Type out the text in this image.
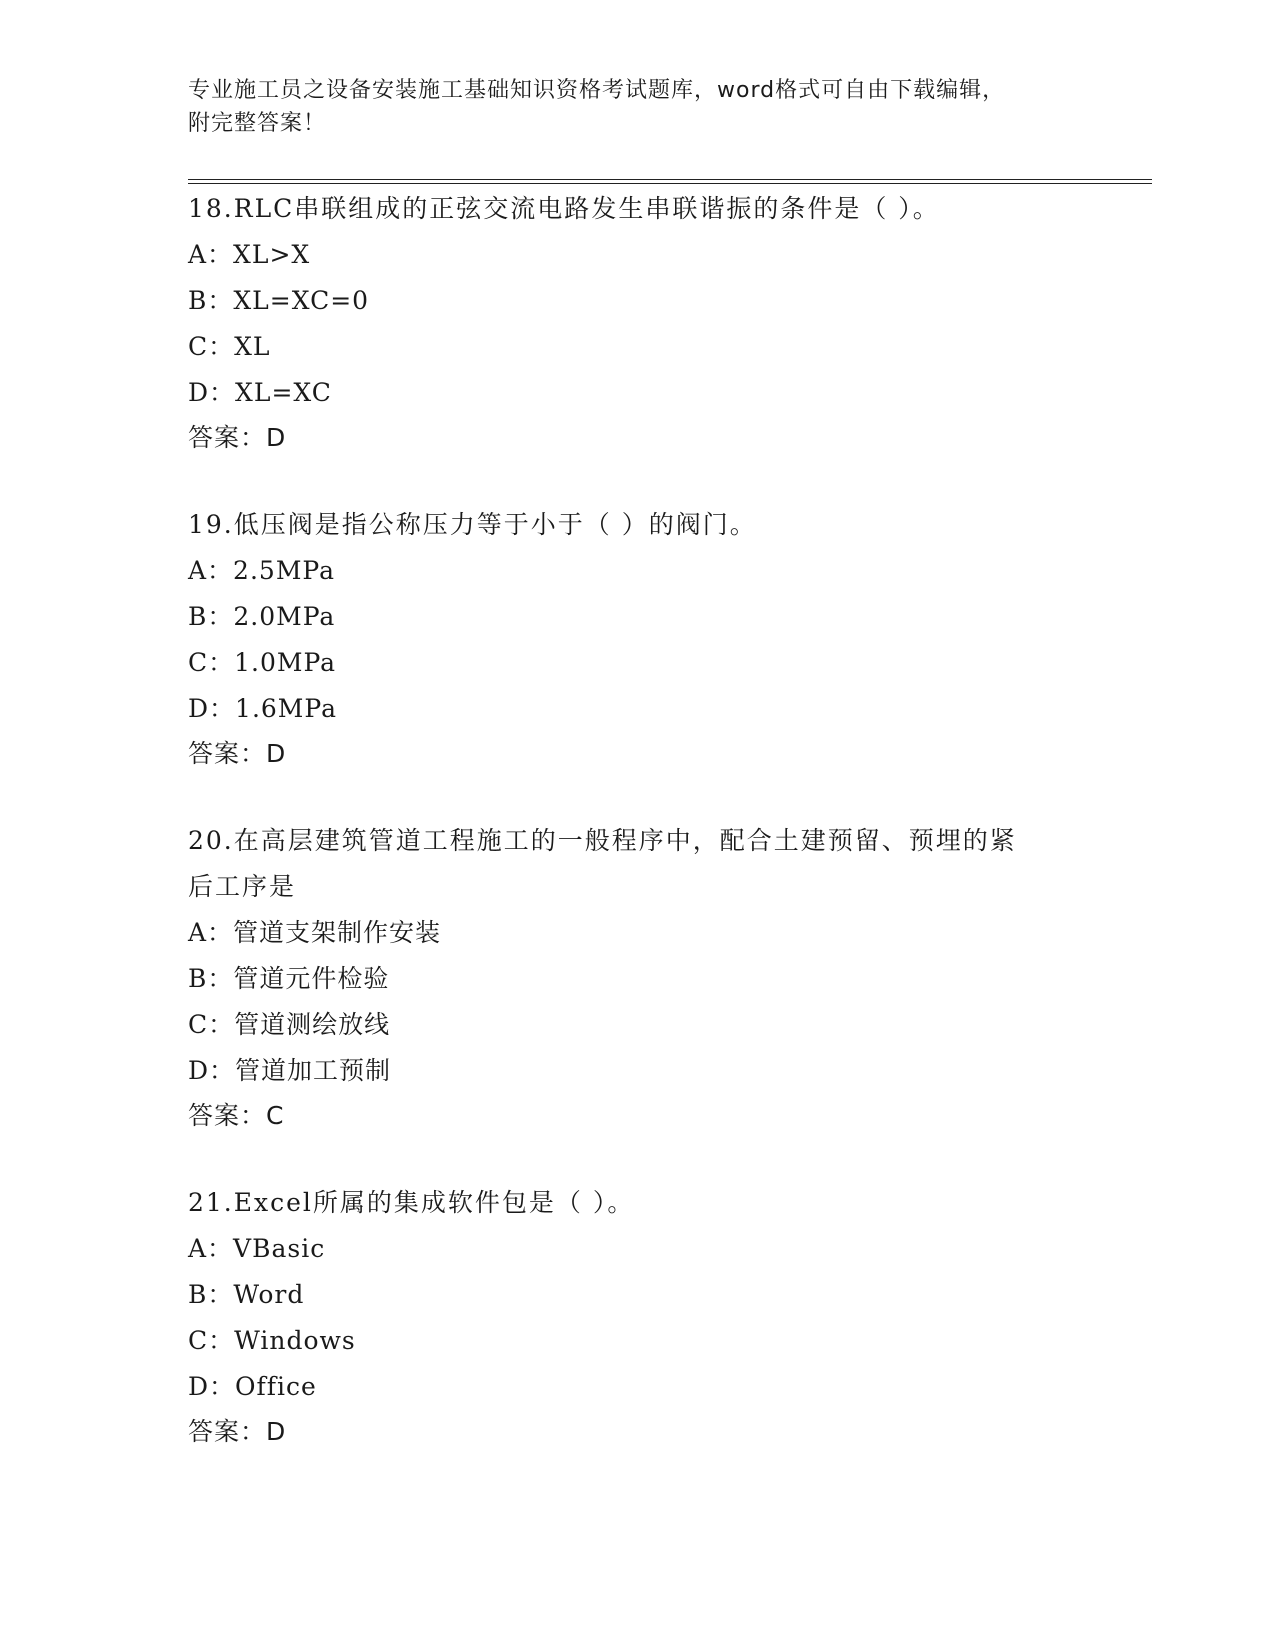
专业施工员之设备安装施工基础知识资格考试题库，word格式可自由下载编辑，
附完整答案！

18.RLC串联组成的正弦交流电路发生串联谐振的条件是（ ）。

A：XL>X

B：XL=XC=0

C：XL

D：XL=XC

答案：D

19.低压阀是指公称压力等于小于（ ）的阀门。

A：2.5MPa

B：2.0MPa

C：1.0MPa

D：1.6MPa

答案：D

20.在高层建筑管道工程施工的一般程序中，配合土建预留、预埋的紧

后工序是

A：管道支架制作安装

B：管道元件检验

C：管道测绘放线

D：管道加工预制

答案：C

21.Excel所属的集成软件包是（ ）。

A：VBasic

B：Word

C：Windows

D：Office

答案：D
